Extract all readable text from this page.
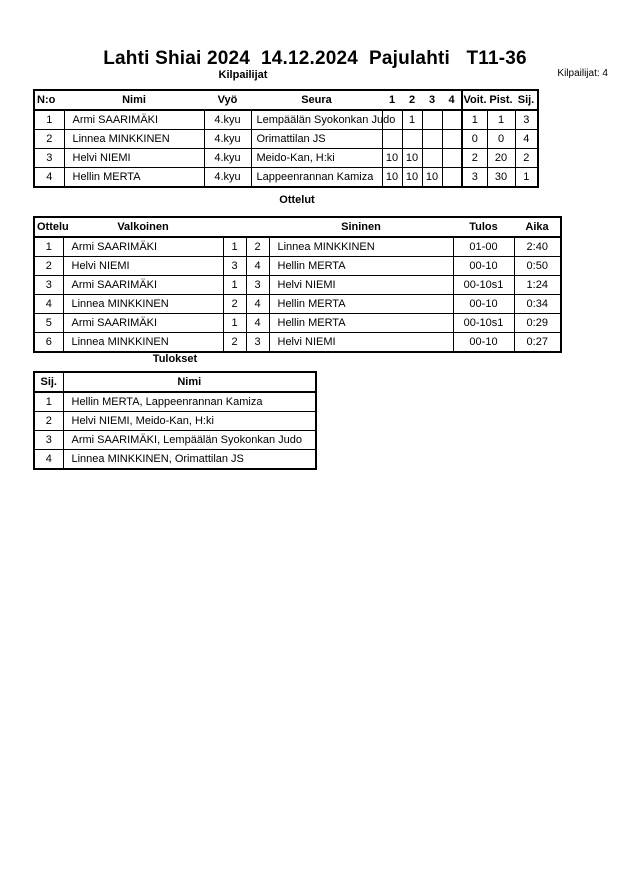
Lahti Shiai 2024  14.12.2024  Pajulahti   T11-36
Kilpailijat	Kilpailijat: 4
N:o	Nimi	Vyö	Seura	1	2	3	4	Voit.	Pist.	Sij.
1	Armi SAARIMÄKI	4.kyu	Lempäälän Syokonkan Judo		1			1	1	3
2	Linnea MINKKINEN	4.kyu	Orimattilan JS					0	0	4
3	Helvi NIEMI	4.kyu	Meido-Kan, H:ki	10	10			2	20	2
4	Hellin MERTA	4.kyu	Lappeenrannan Kamiza	10	10	10		3	30	1
Ottelut
Ottelu	Valkoinen			Sininen	Tulos	Aika
1	Armi SAARIMÄKI	1	2	Linnea MINKKINEN	01-00	2:40
2	Helvi NIEMI	3	4	Hellin MERTA	00-10	0:50
3	Armi SAARIMÄKI	1	3	Helvi NIEMI	00-10s1	1:24
4	Linnea MINKKINEN	2	4	Hellin MERTA	00-10	0:34
5	Armi SAARIMÄKI	1	4	Hellin MERTA	00-10s1	0:29
6	Linnea MINKKINEN	2	3	Helvi NIEMI	00-10	0:27
Tulokset
Sij.	Nimi
1	Hellin MERTA, Lappeenrannan Kamiza
2	Helvi NIEMI, Meido-Kan, H:ki
3	Armi SAARIMÄKI, Lempäälän Syokonkan Judo
4	Linnea MINKKINEN, Orimattilan JS
